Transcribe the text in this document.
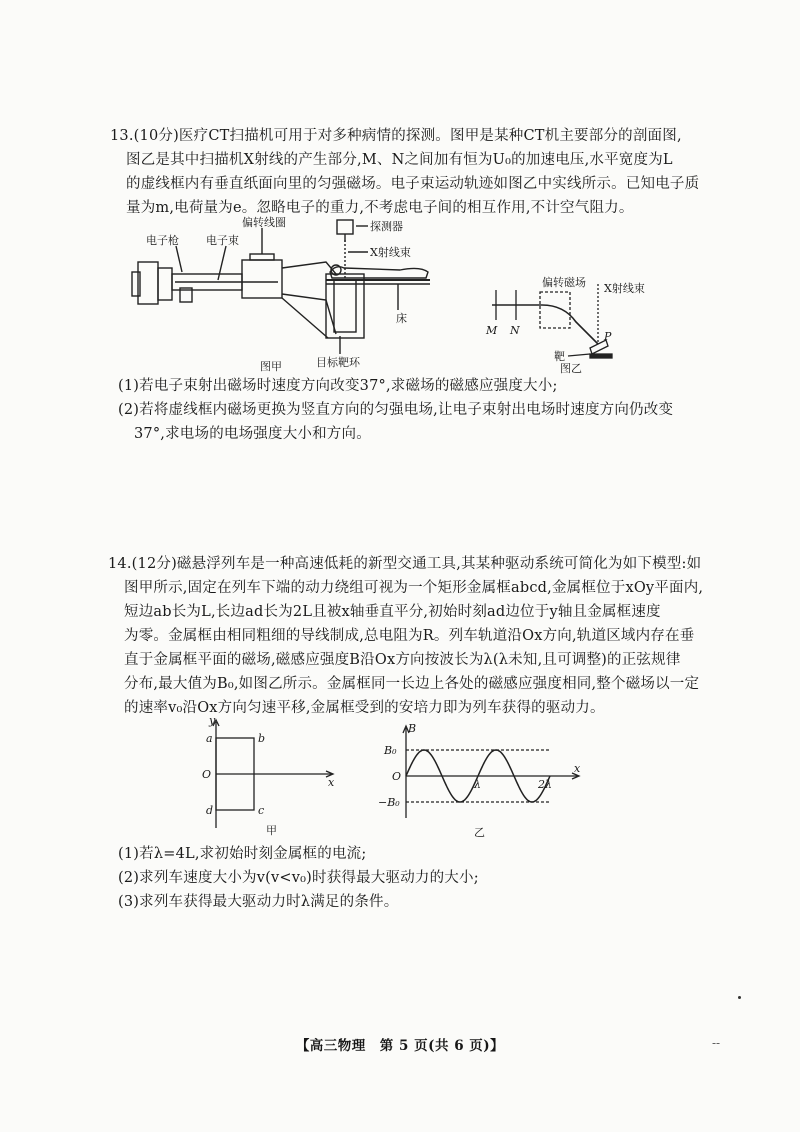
13.(10分)医疗CT扫描机可用于对多种病情的探测。图甲是某种CT机主要部分的剖面图,

图乙是其中扫描机X射线的产生部分,M、N之间加有恒为U₀的加速电压,水平宽度为L

的虚线框内有垂直纸面向里的匀强磁场。电子束运动轨迹如图乙中实线所示。已知电子质

量为m,电荷量为e。忽略电子的重力,不考虑电子间的相互作用,不计空气阻力。

电子枪 电子束
偏转线圈	探测器
X射线束
床
目标靶环
图甲
偏转磁场 X射线束
M N	P
靶
图乙

(1)若电子束射出磁场时速度方向改变37°,求磁场的磁感应强度大小;

(2)若将虚线框内磁场更换为竖直方向的匀强电场,让电子束射出电场时速度方向仍改变

37°,求电场的电场强度大小和方向。

14.(12分)磁悬浮列车是一种高速低耗的新型交通工具,其某种驱动系统可简化为如下模型:如

图甲所示,固定在列车下端的动力绕组可视为一个矩形金属框abcd,金属框位于xOy平面内,

短边ab长为L,长边ad长为2L且被x轴垂直平分,初始时刻ad边位于y轴且金属框速度

为零。金属框由相同粗细的导线制成,总电阻为R。列车轨道沿Ox方向,轨道区域内存在垂

直于金属框平面的磁场,磁感应强度B沿Ox方向按波长为λ(λ未知,且可调整)的正弦规律

分布,最大值为B₀,如图乙所示。金属框同一长边上各处的磁感应强度相同,整个磁场以一定

的速率v₀沿Ox方向匀速平移,金属框受到的安培力即为列车获得的驱动力。

y
x
O
a	b
c
d
甲
B
x
O
B₀
−B₀
λ	2λ
乙

(1)若λ=4L,求初始时刻金属框的电流;

(2)求列车速度大小为v(v<v₀)时获得最大驱动力的大小;

(3)求列车获得最大驱动力时λ满足的条件。

【高三物理　第 5 页(共 6 页)】	--
